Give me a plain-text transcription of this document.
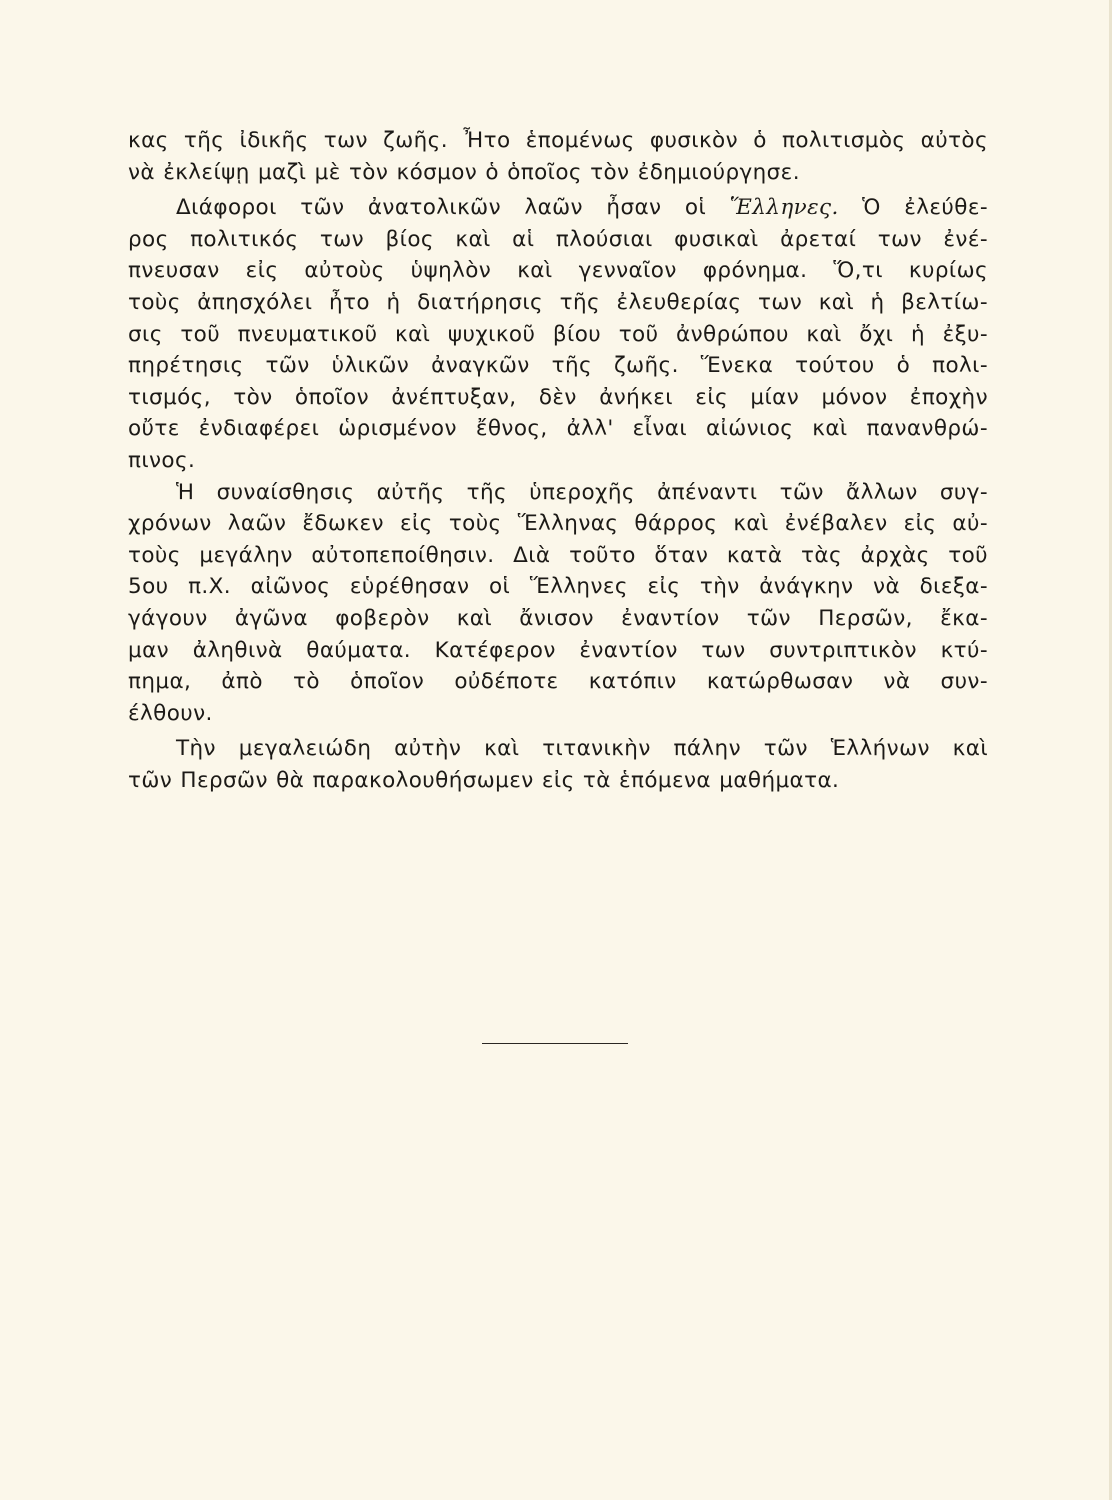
κας τῆς ἰδικῆς των ζωῆς. Ἦτο ἑπομένως φυσικὸν ὁ πολιτισμὸς αὐτὸς
νὰ ἐκλείψῃ μαζὶ μὲ τὸν κόσμον ὁ ὁποῖος τὸν ἐδημιούργησε.
Διάφοροι τῶν ἀνατολικῶν λαῶν ἦσαν οἱ Ἕλληνες. Ὁ ἐλεύθε-
ρος πολιτικός των βίος καὶ αἱ πλούσιαι φυσικαὶ ἀρεταί των ἐνέ-
πνευσαν εἰς αὐτοὺς ὑψηλὸν καὶ γενναῖον φρόνημα. Ὅ,τι κυρίως
τοὺς ἀπησχόλει ἦτο ἡ διατήρησις τῆς ἐλευθερίας των καὶ ἡ βελτίω-
σις τοῦ πνευματικοῦ καὶ ψυχικοῦ βίου τοῦ ἀνθρώπου καὶ ὄχι ἡ ἐξυ-
πηρέτησις τῶν ὑλικῶν ἀναγκῶν τῆς ζωῆς. Ἕνεκα τούτου ὁ πολι-
τισμός, τὸν ὁποῖον ἀνέπτυξαν, δὲν ἀνήκει εἰς μίαν μόνον ἐποχὴν
οὔτε ἐνδιαφέρει ὡρισμένον ἔθνος, ἀλλ' εἶναι αἰώνιος καὶ πανανθρώ-
πινος.
Ἡ συναίσθησις αὐτῆς τῆς ὑπεροχῆς ἀπέναντι τῶν ἄλλων συγ-
χρόνων λαῶν ἔδωκεν εἰς τοὺς Ἕλληνας θάρρος καὶ ἐνέβαλεν εἰς αὐ-
τοὺς μεγάλην αὐτοπεποίθησιν. Διὰ τοῦτο ὅταν κατὰ τὰς ἀρχὰς τοῦ
5ου π.Χ. αἰῶνος εὑρέθησαν οἱ Ἕλληνες εἰς τὴν ἀνάγκην νὰ διεξα-
γάγουν ἀγῶνα φοβερὸν καὶ ἄνισον ἐναντίον τῶν Περσῶν, ἔκα-
μαν ἀληθινὰ θαύματα. Κατέφερον ἐναντίον των συντριπτικὸν κτύ-
πημα, ἀπὸ τὸ ὁποῖον οὐδέποτε κατόπιν κατώρθωσαν νὰ συν-
έλθουν.
Τὴν μεγαλειώδη αὐτὴν καὶ τιτανικὴν πάλην τῶν Ἑλλήνων καὶ
τῶν Περσῶν θὰ παρακολουθήσωμεν εἰς τὰ ἑπόμενα μαθήματα.
